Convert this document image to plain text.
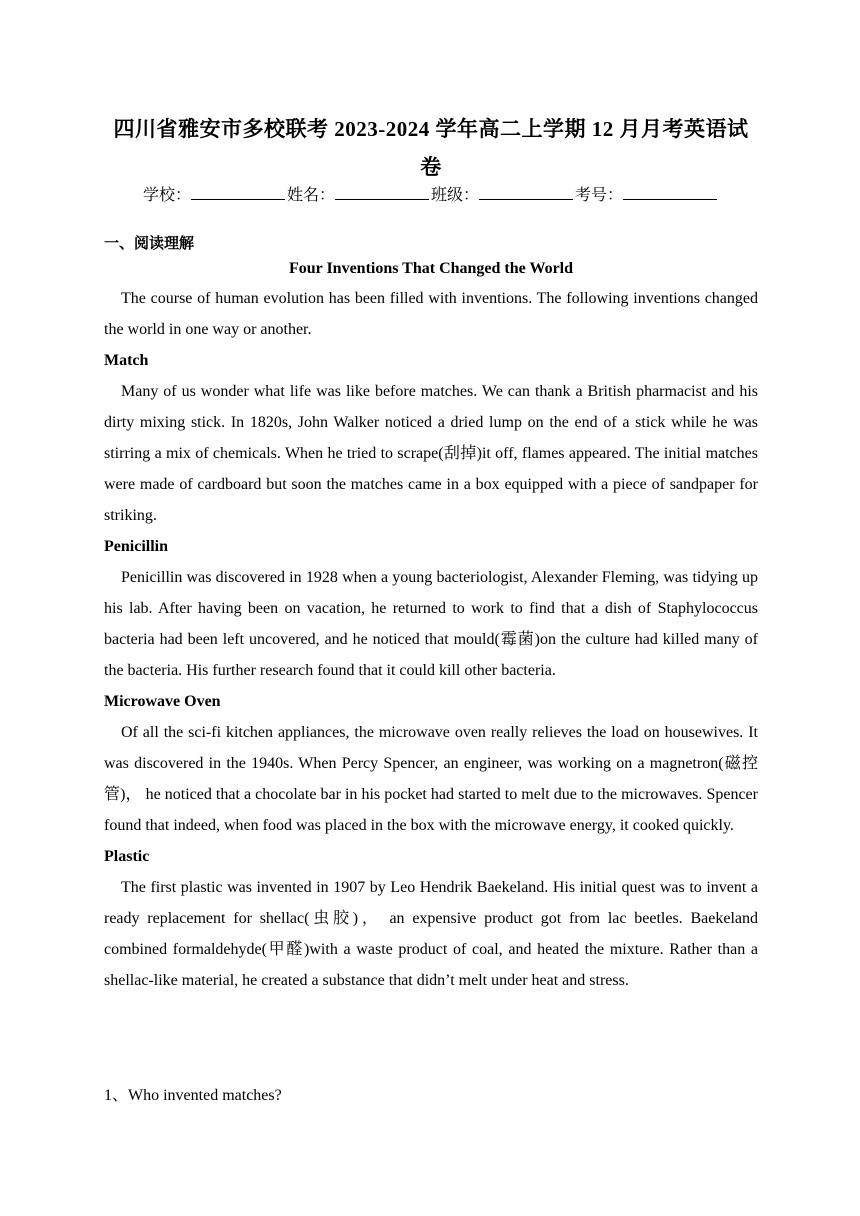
四川省雅安市多校联考 2023-2024 学年高二上学期 12 月月考英语试卷
学校：	姓名：	班级：	考号：
一、阅读理解
Four Inventions That Changed the World

The course of human evolution has been filled with inventions. The following inventions changed the world in one way or another.

Match

Many of us wonder what life was like before matches. We can thank a British pharmacist and his dirty mixing stick. In 1820s, John Walker noticed a dried lump on the end of a stick while he was stirring a mix of chemicals. When he tried to scrape(刮掉)it off, flames appeared. The initial matches were made of cardboard but soon the matches came in a box equipped with a piece of sandpaper for striking.

Penicillin

Penicillin was discovered in 1928 when a young bacteriologist, Alexander Fleming, was tidying up his lab. After having been on vacation, he returned to work to find that a dish of Staphylococcus bacteria had been left uncovered, and he noticed that mould(霉菌)on the culture had killed many of the bacteria. His further research found that it could kill other bacteria.

Microwave Oven

Of all the sci-fi kitchen appliances, the microwave oven really relieves the load on housewives. It was discovered in the 1940s. When Percy Spencer, an engineer, was working on a magnetron(磁控管)， he noticed that a chocolate bar in his pocket had started to melt due to the microwaves. Spencer found that indeed, when food was placed in the box with the microwave energy, it cooked quickly.

Plastic

The first plastic was invented in 1907 by Leo Hendrik Baekeland. His initial quest was to invent a ready replacement for shellac(虫胶)， an expensive product got from lac beetles. Baekeland combined formaldehyde(甲醛)with a waste product of coal, and heated the mixture. Rather than a shellac-like material, he created a substance that didn’t melt under heat and stress.

1、Who invented matches?
